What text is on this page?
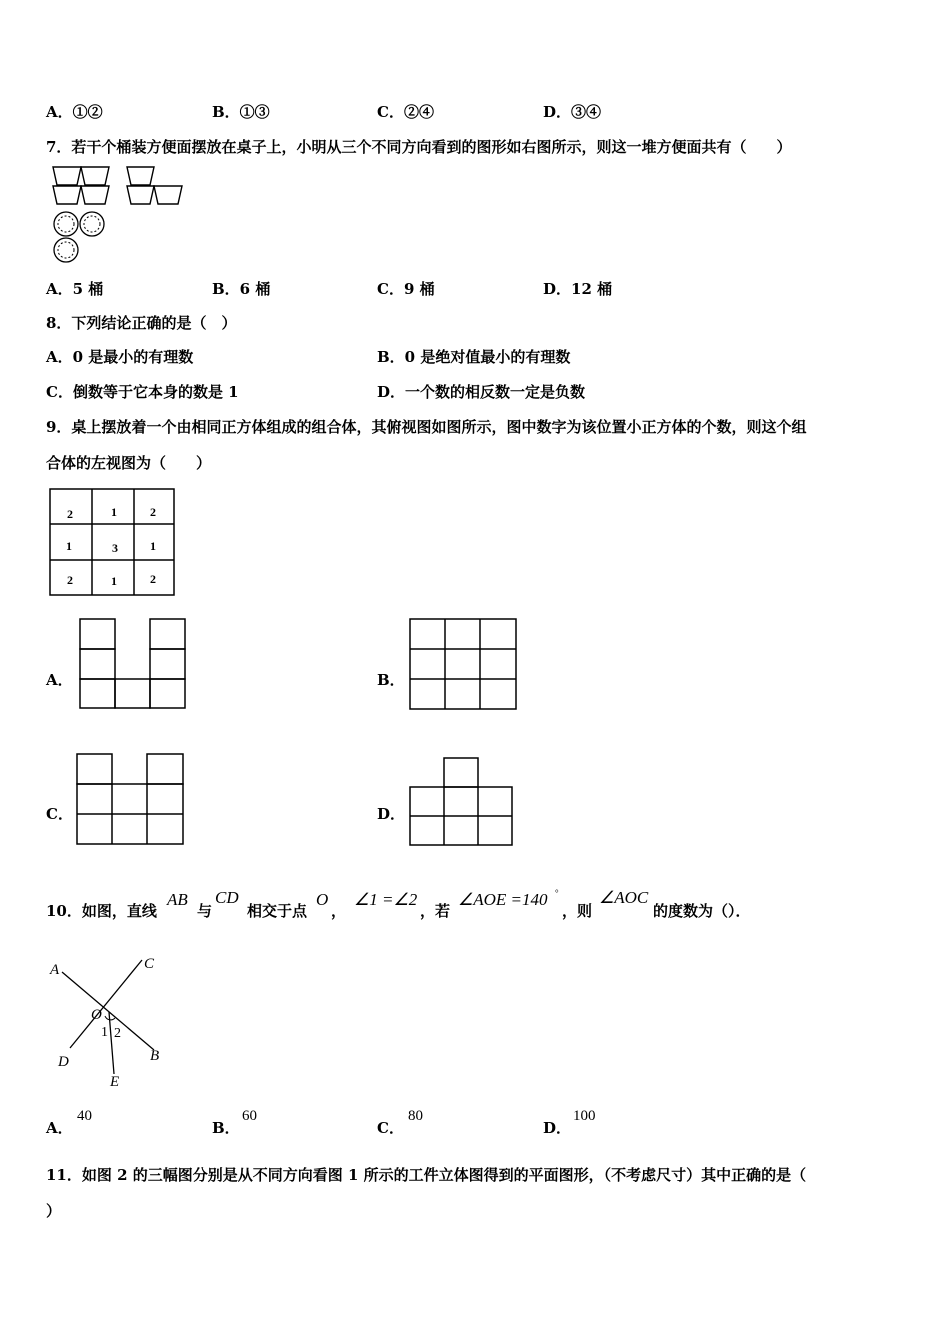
A．①②	B．①③	C．②④	D．③④
7．若干个桶装方便面摆放在桌子上，小明从三个不同方向看到的图形如右图所示，则这一堆方便面共有（　　）
A．5 桶	B．6 桶	C．9 桶	D．12 桶
8．下列结论正确的是（　）
A．0 是最小的有理数	B．0 是绝对值最小的有理数
C．倒数等于它本身的数是 1	D．一个数的相反数一定是负数
9．桌上摆放着一个由相同正方体组成的组合体，其俯视图如图所示，图中数字为该位置小正方体的个数，则这个组
合体的左视图为（　　）
2	1	2
1	3	1
2	1	2
A．	B．
C．	D．
10．如图，直线
AB
与
CD
相交于点
O
，
∠1 =∠2
，若
∠AOE =140 °
，则
∠AOC
的度数为（）．
A	C
O
D	B
E
1 2
A．
40
B．
60
C．
80
D．
100
11．如图 2 的三幅图分别是从不同方向看图 1 所示的工件立体图得到的平面图形，（不考虑尺寸）其中正确的是（
）
